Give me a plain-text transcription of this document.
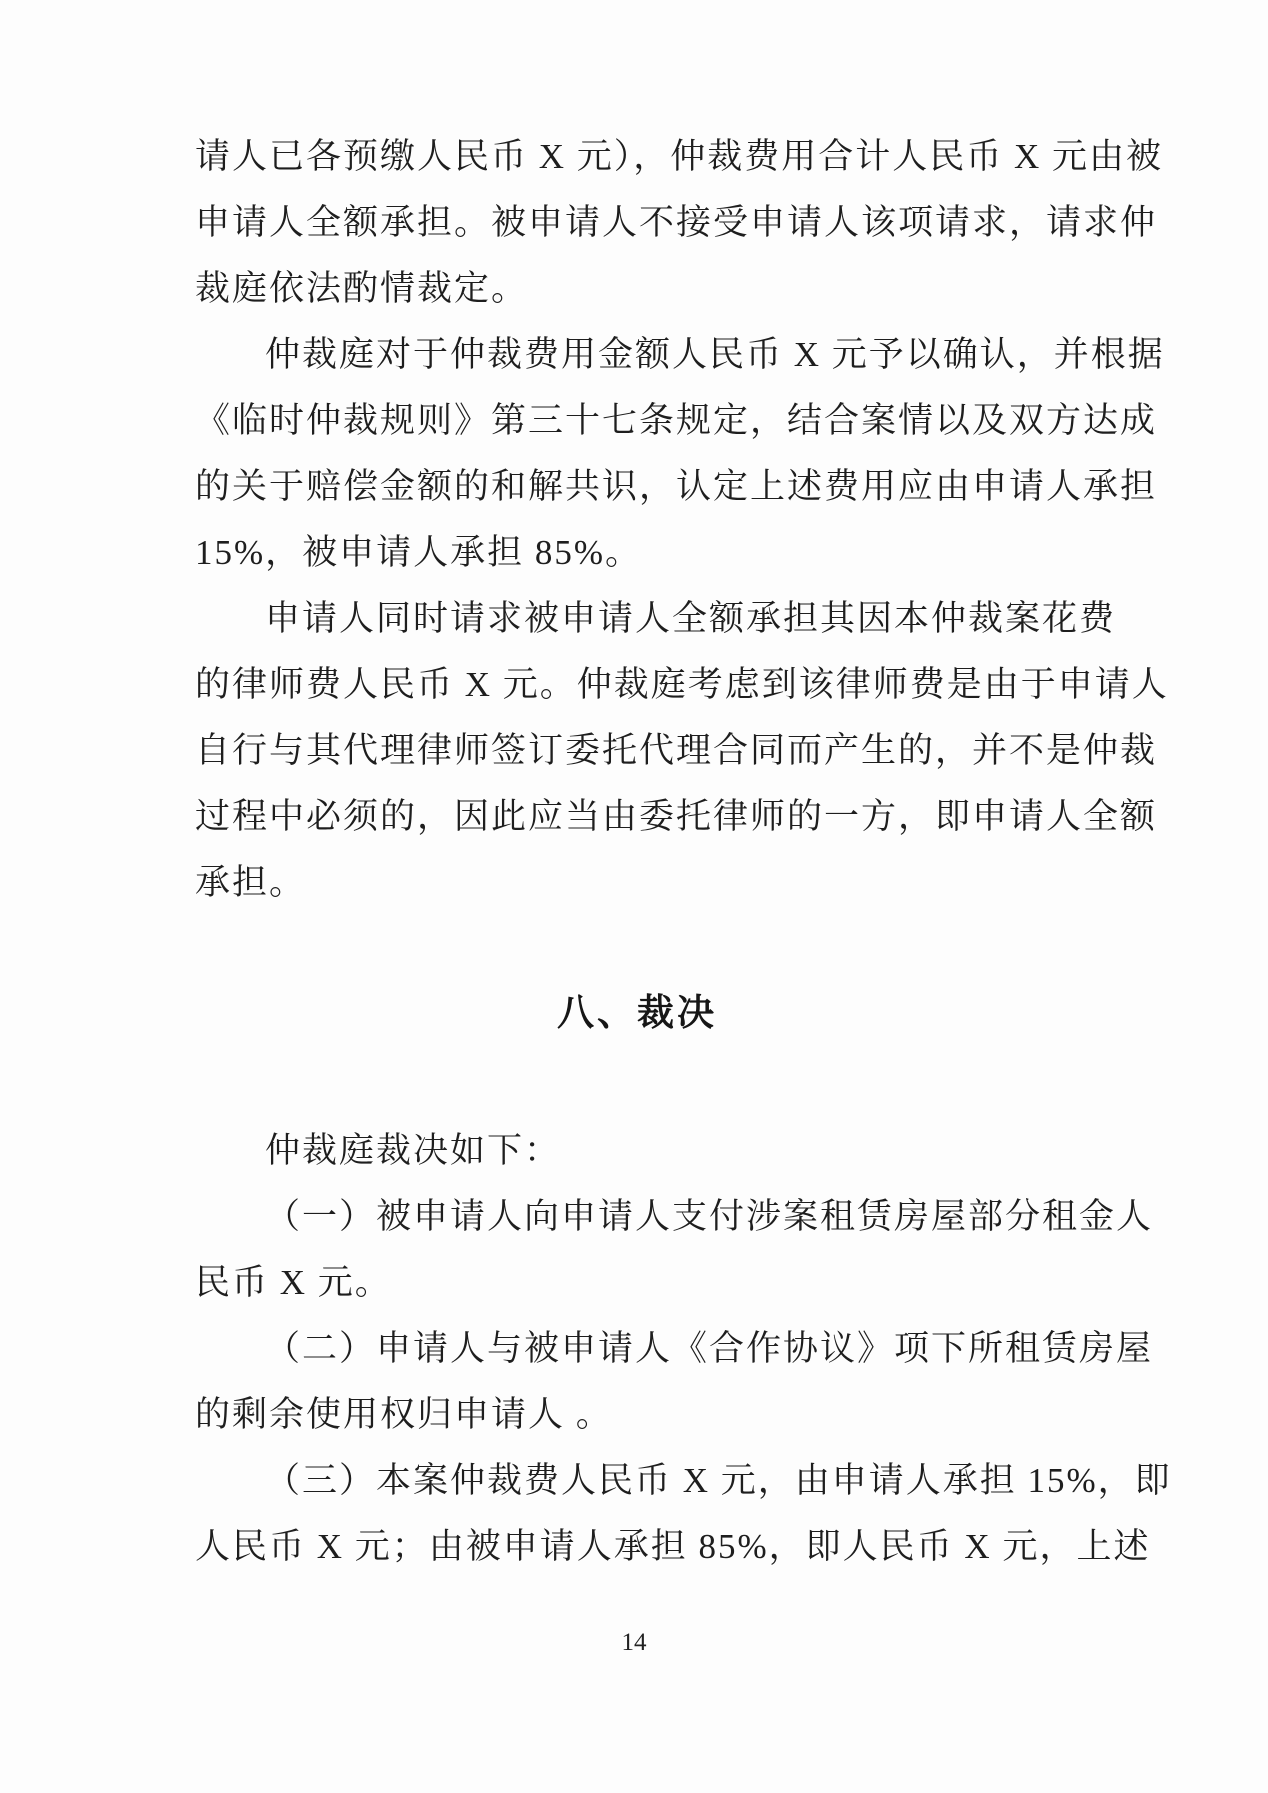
请人已各预缴人民币 X 元），仲裁费用合计人民币 X 元由被
申请人全额承担。被申请人不接受申请人该项请求，请求仲
裁庭依法酌情裁定。
仲裁庭对于仲裁费用金额人民币 X 元予以确认，并根据
《临时仲裁规则》第三十七条规定，结合案情以及双方达成
的关于赔偿金额的和解共识，认定上述费用应由申请人承担
15%，被申请人承担 85%。
申请人同时请求被申请人全额承担其因本仲裁案花费
的律师费人民币 X 元。仲裁庭考虑到该律师费是由于申请人
自行与其代理律师签订委托代理合同而产生的，并不是仲裁
过程中必须的，因此应当由委托律师的一方，即申请人全额
承担。
八、裁决
仲裁庭裁决如下：
（一）被申请人向申请人支付涉案租赁房屋部分租金人
民币 X 元。
（二）申请人与被申请人《合作协议》项下所租赁房屋
的剩余使用权归申请人 。
（三）本案仲裁费人民币 X 元，由申请人承担 15%，即
人民币 X 元；由被申请人承担 85%，即人民币 X 元，上述
14
